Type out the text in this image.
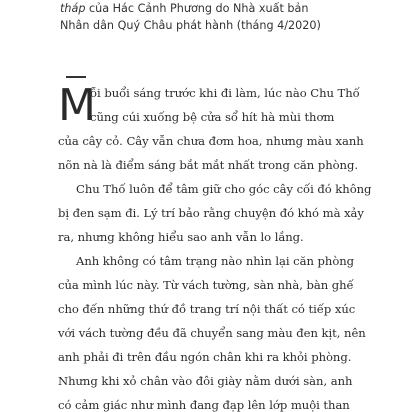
tháp của Hác Cảnh Phương do Nhà xuất bản
Nhân dân Quý Châu phát hành (tháng 4/2020)
M
ỗi buổi sáng trước khi đi làm, lúc nào Chu Thố
cũng cúi xuống bệ cửa sổ hít hà mùi thơm
của cây cỏ. Cây vẫn chưa đơm hoa, nhưng màu xanh
nõn nà là điểm sáng bắt mắt nhất trong căn phòng.
Chu Thố luôn để tâm giữ cho góc cây cối đó không
bị đen sạm đi. Lý trí bảo rằng chuyện đó khó mà xảy
ra, nhưng không hiểu sao anh vẫn lo lắng.
Anh không có tâm trạng nào nhìn lại căn phòng
của mình lúc này. Từ vách tường, sàn nhà, bàn ghế
cho đến những thứ đồ trang trí nội thất có tiếp xúc
với vách tường đều đã chuyển sang màu đen kịt, nên
anh phải đi trên đầu ngón chân khi ra khỏi phòng.
Nhưng khi xỏ chân vào đôi giày nằm dưới sàn, anh
có cảm giác như mình đang đạp lên lớp muội than
